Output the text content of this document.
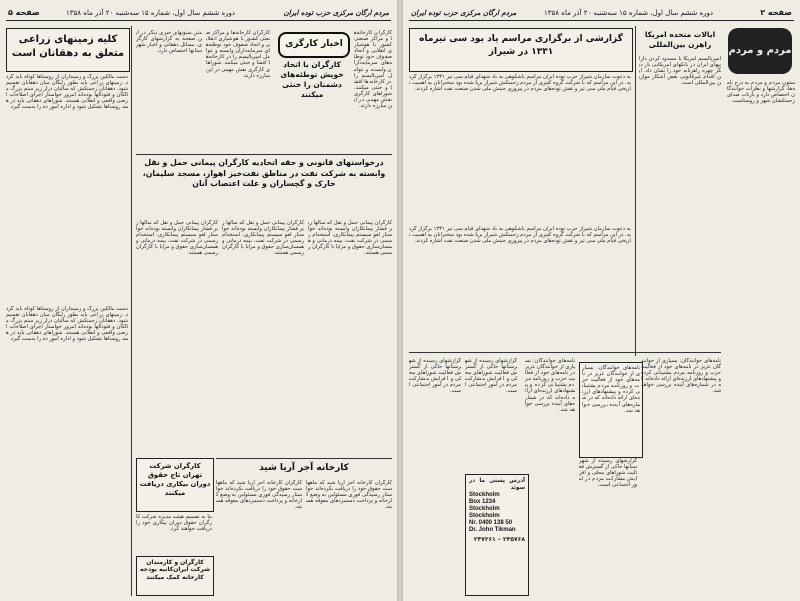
صفحه ۵	دوره ششم سال اول، شماره ۱۵ سه‌شنبه ۲۰ آذر ماه ۱۳۵۸	مردم ارگان مرکزی حزب توده ایران
کلیه زمینهای زراعی متعلق به دهقانان است
دست مالکین بزرگ و زمینداران از روستاها کوتاه باید گردد. زمینهای زراعی باید بطور رایگان میان دهقانان تقسیم شود. دهقانان زحمتکش که سالیان دراز زیر ستم بزرگ مالکان و فئودالها بوده‌اند امروز خواستار اجرای اصلاحات ارضی واقعی و انقلابی هستند. شوراهای دهقانی باید در همه روستاها تشکیل شود و اداره امور ده را بدست گیرد.
دست مالکین بزرگ و زمینداران از روستاها کوتاه باید گردد. زمینهای زراعی باید بطور رایگان میان دهقانان تقسیم شود. دهقانان زحمتکش که سالیان دراز زیر ستم بزرگ مالکان و فئودالها بوده‌اند امروز خواستار اجرای اصلاحات ارضی واقعی و انقلابی هستند. شوراهای دهقانی باید در همه روستاها تشکیل شود و اداره امور ده را بدست گیرد.
اخبار کارگری
کارگران با اتحاد خویش توطئه‌های دشمنان را خنثی میکنند
کارگران کارخانه‌ها و مراکز صنعتی کشور با هوشیاری انقلابی و اتحاد صفوف خود توطئه‌های سرمایه‌داران وابسته و عوامل امپریالیسم را در کارخانه‌ها افشا و خنثی میکنند. شوراهای کارگری نقش مهمی در این مبارزه دارند.
متن ستونهای خبری دیگر در این صفحه به گزارشهای کارگری، مسائل دهقانی و اخبار شهرستانها اختصاص دارد.
کارگران کارخانه‌ها و مراکز صنعتی کشور با هوشیاری انقلابی و اتحاد صفوف خود توطئه‌های سرمایه‌داران وابسته و عوامل امپریالیسم را در کارخانه‌ها افشا و خنثی میکنند. شوراهای کارگری نقش مهمی در این مبارزه دارند.
درخواستهای قانونی و حقه اتحادیه کارگران پیمانی حمل و نقل وابسته به شرکت نفت در مناطق نفت‌خیز اهواز، مسجد سلیمان، خارک و گچساران و علت اعتصاب آنان
کارگران پیمانی حمل و نقل که سالها زیر فشار پیمانکاران وابسته بوده‌اند خواستار لغو سیستم پیمانکاری، استخدام رسمی در شرکت نفت، بیمه درمانی و همسان‌سازی حقوق و مزایا با کارگران رسمی هستند.
کارگران پیمانی حمل و نقل که سالها زیر فشار پیمانکاران وابسته بوده‌اند خواستار لغو سیستم پیمانکاری، استخدام رسمی در شرکت نفت، بیمه درمانی و همسان‌سازی حقوق و مزایا با کارگران رسمی هستند.
کارگران پیمانی حمل و نقل که سالها زیر فشار پیمانکاران وابسته بوده‌اند خواستار لغو سیستم پیمانکاری، استخدام رسمی در شرکت نفت، بیمه درمانی و همسان‌سازی حقوق و مزایا با کارگران رسمی هستند.
کارگران شرکت تهران تاج حقوق دوران بیکاری دریافت میکنند
بنا به تصمیم هیئت مدیره شرکت کارگران حقوق دوران بیکاری خود را دریافت خواهند کرد.
کارخانه آجر آریا شید
کارگران کارخانه آجر آریا شید که ماههاست حقوق خود را دریافت نکرده‌اند خواستار رسیدگی فوری مسئولین به وضع کارخانه و پرداخت دستمزدهای معوقه هستند.
کارگران کارخانه آجر آریا شید که ماههاست حقوق خود را دریافت نکرده‌اند خواستار رسیدگی فوری مسئولین به وضع کارخانه و پرداخت دستمزدهای معوقه هستند.
کارگران و کارمندان شرکت ایران‌کانیه بودجه کارخانه کمک میکنند
مردم ارگان مرکزی حزب توده ایران	دوره ششم سال اول، شماره ۱۵ سه‌شنبه ۲۰ آذر ماه ۱۳۵۸	صفحه ۲
گزارشی از برگزاری مراسم یاد بود سی تیرماه ۱۳۳۱ در شیراز
به دعوت سازمان شیراز حزب توده ایران مراسم باشکوهی به یاد شهدای قیام سی تیر ۱۳۳۱ برگزار گردید. در این مراسم که با شرکت گروه کثیری از مردم زحمتکش شیراز برپا شده بود سخنرانان به اهمیت تاریخی قیام ملی سی تیر و نقش توده‌های مردم در پیروزی جنبش ملی شدن صنعت نفت اشاره کردند.
به دعوت سازمان شیراز حزب توده ایران مراسم باشکوهی به یاد شهدای قیام سی تیر ۱۳۳۱ برگزار گردید. در این مراسم که با شرکت گروه کثیری از مردم زحمتکش شیراز برپا شده بود سخنرانان به اهمیت تاریخی قیام ملی سی تیر و نقش توده‌های مردم در پیروزی جنبش ملی شدن صنعت نفت اشاره کردند.
ایالات متحده امریکا راهزن بین‌المللی
امپریالیسم امریکا با مسدود کردن داراییهای ایران در بانکهای امریکایی بار دیگر چهره راهزنانه خود را نشان داد. این اقدام غیرقانونی نقض آشکار موازین بین‌المللی است.
مردم و مردم
ستون مردم و مردم به درج نامه‌ها، گزارشها و نظرات خوانندگان اختصاص دارد و بازتاب صدای زحمتکشان شهر و روستاست.
گزارشهای رسیده از شهرستانها حاکی از گسترش فعالیت شوراهای محلی و افزایش مشارکت مردم در امور اجتماعی است.
گزارشهای رسیده از شهرستانها حاکی از گسترش فعالیت شوراهای محلی و افزایش مشارکت مردم در امور اجتماعی است.
آدرس پستی ما در سوئد
Stockholm
Box 1234
Stockholm Stockholm
Nr. 0400 138 50
Dr. John Tikman
۲۴۵۷۶۸ – ۲۴۷۲۶۱
نامه‌های خوانندگان: بسیاری از خوانندگان عزیز در نامه‌های خود از فعالیت حزب و روزنامه مردم پشتیبانی کرده و پیشنهادهای ارزنده‌ای ارائه داده‌اند که در شماره‌های آینده بررسی خواهد شد.
نامه‌های خوانندگان: بسیاری از خوانندگان عزیز در نامه‌های خود از فعالیت حزب و روزنامه مردم پشتیبانی کرده و پیشنهادهای ارزنده‌ای ارائه داده‌اند که در شماره‌های آینده بررسی خواهد شد.
گزارشهای رسیده از شهرستانها حاکی از گسترش فعالیت شوراهای محلی و افزایش مشارکت مردم در امور اجتماعی است.
نامه‌های خوانندگان: بسیاری از خوانندگان عزیز در نامه‌های خود از فعالیت حزب و روزنامه مردم پشتیبانی کرده و پیشنهادهای ارزنده‌ای ارائه داده‌اند که در شماره‌های آینده بررسی خواهد شد.
